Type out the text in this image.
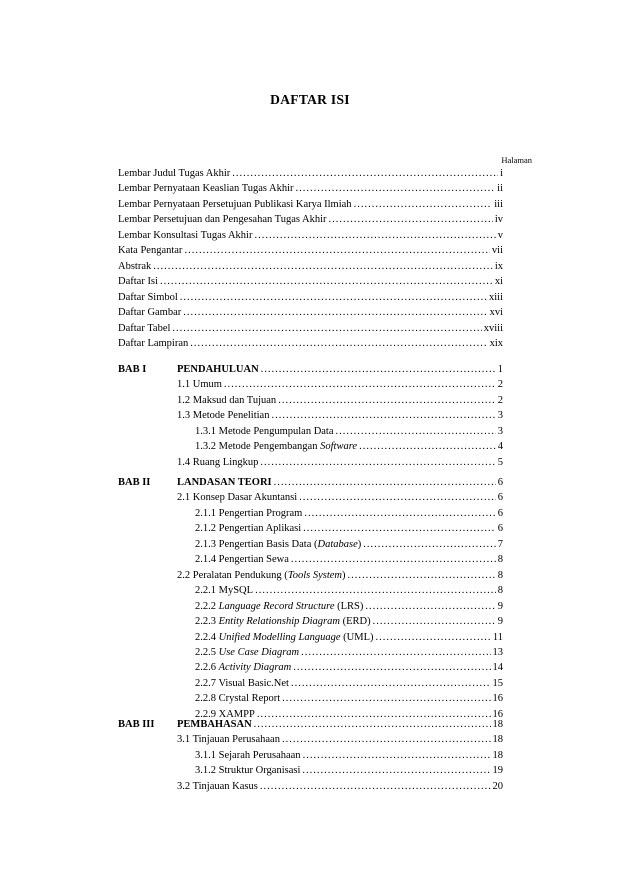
DAFTAR ISI
Halaman
Lembar Judul Tugas Akhir .....	i
Lembar Pernyataan Keaslian Tugas Akhir .....	ii
Lembar Pernyataan Persetujuan Publikasi Karya Ilmiah .....	iii
Lembar Persetujuan dan Pengesahan Tugas Akhir .....	iv
Lembar Konsultasi Tugas Akhir .....	v
Kata Pengantar .....	vii
Abstrak .....	ix
Daftar Isi .....	xi
Daftar Simbol .....	xiii
Daftar Gambar .....	xvi
Daftar Tabel .....	xviii
Daftar Lampiran .....	xix
BAB I	PENDAHULUAN .....	1
1.1 Umum .....	2
1.2 Maksud dan Tujuan .....	2
1.3 Metode Penelitian .....	3
1.3.1 Metode Pengumpulan Data .....	3
1.3.2 Metode Pengembangan Software .....	4
1.4 Ruang Lingkup .....	5
BAB II	LANDASAN TEORI .....	6
2.1 Konsep Dasar Akuntansi .....	6
2.1.1 Pengertian Program .....	6
2.1.2 Pengertian Aplikasi .....	6
2.1.3 Pengertian Basis Data (Database) .....	7
2.1.4 Pengertian Sewa .....	8
2.2 Peralatan Pendukung (Tools System) .....	8
2.2.1 MySQL .....	8
2.2.2 Language Record Structure (LRS) .....	9
2.2.3 Entity Relationship Diagram (ERD) .....	9
2.2.4 Unified Modelling Language (UML) .....	11
2.2.5 Use Case Diagram .....	13
2.2.6 Activity Diagram .....	14
2.2.7 Visual Basic.Net .....	15
2.2.8 Crystal Report .....	16
2.2.9 XAMPP .....	16
BAB III	PEMBAHASAN .....	18
3.1 Tinjauan Perusahaan .....	18
3.1.1 Sejarah Perusahaan .....	18
3.1.2 Struktur Organisasi .....	19
3.2 Tinjauan Kasus .....	20
